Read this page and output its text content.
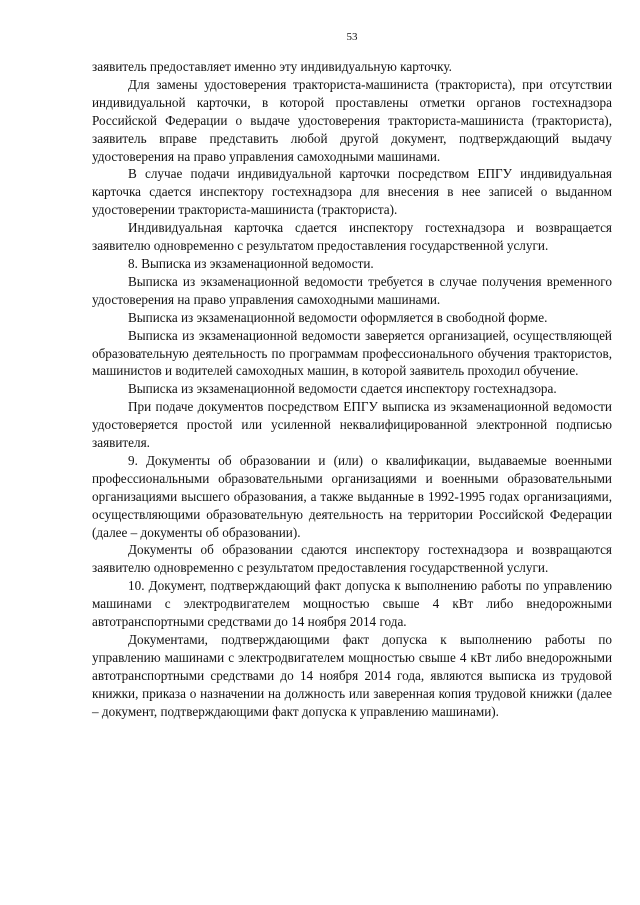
53

заявитель предоставляет именно эту индивидуальную карточку.

Для замены удостоверения тракториста-машиниста (тракториста), при отсутствии индивидуальной карточки, в которой проставлены отметки органов гостехнадзора Российской Федерации о выдаче удостоверения тракториста-машиниста (тракториста), заявитель вправе представить любой другой документ, подтверждающий выдачу удостоверения на право управления самоходными машинами.

В случае подачи индивидуальной карточки посредством ЕПГУ индивидуальная карточка сдается инспектору гостехнадзора для внесения в нее записей о выданном удостоверении тракториста-машиниста (тракториста).

Индивидуальная карточка сдается инспектору гостехнадзора и возвращается заявителю одновременно с результатом предоставления государственной услуги.

8. Выписка из экзаменационной ведомости.

Выписка из экзаменационной ведомости требуется в случае получения временного удостоверения на право управления самоходными машинами.

Выписка из экзаменационной ведомости оформляется в свободной форме.

Выписка из экзаменационной ведомости заверяется организацией, осуществляющей образовательную деятельность по программам профессионального обучения трактористов, машинистов и водителей самоходных машин, в которой заявитель проходил обучение.

Выписка из экзаменационной ведомости сдается инспектору гостехнадзора.

При подаче документов посредством ЕПГУ выписка из экзаменационной ведомости удостоверяется простой или усиленной неквалифицированной электронной подписью заявителя.

9. Документы об образовании и (или) о квалификации, выдаваемые военными профессиональными образовательными организациями и военными образовательными организациями высшего образования, а также выданные в 1992-1995 годах организациями, осуществляющими образовательную деятельность на территории Российской Федерации (далее – документы об образовании).

Документы об образовании сдаются инспектору гостехнадзора и возвращаются заявителю одновременно с результатом предоставления государственной услуги.

10. Документ, подтверждающий факт допуска к выполнению работы по управлению машинами с электродвигателем мощностью свыше 4 кВт либо внедорожными автотранспортными средствами до 14 ноября 2014 года.

Документами, подтверждающими факт допуска к выполнению работы по управлению машинами с электродвигателем мощностью свыше 4 кВт либо внедорожными автотранспортными средствами до 14 ноября 2014 года, являются выписка из трудовой книжки, приказа о назначении на должность или заверенная копия трудовой книжки (далее – документ, подтверждающими факт допуска к управлению машинами).
